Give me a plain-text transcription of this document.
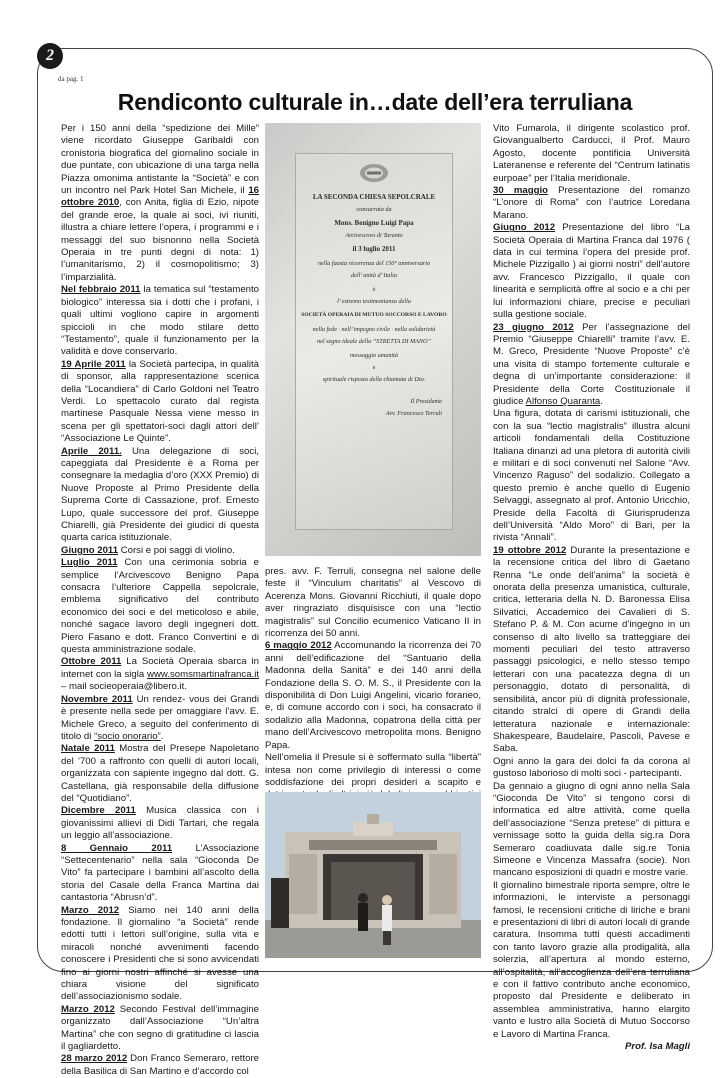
2
da pag. 1
Rendiconto culturale in…date dell’era terruliana

Per i 150 anni della “spedizione dei Mille” viene ricordato Giuseppe Garibaldi con cronistoria biografica del giornalino sociale in due puntate, con ubicazione di una targa nella Piazza omonima antistante la “Società” e con un incontro nel Park Hotel San Michele, il 16 ottobre 2010, con Anita, figlia di Ezio, nipote del grande eroe, la quale ai soci, ivi riuniti, illustra a chiare lettere l’opera, i programmi e i messaggi del suo bisnonno nella Società Operaia in tre punti degni di nota: 1) l’umanitarismo, 2) il cosmopolitismo; 3) l’imparzialità.

Nel febbraio 2011 la tematica sul “testamento biologico” interessa sia i dotti che i profani, i quali ultimi vogliono capire in argomenti spiccioli in che modo stilare detto “Testamento”, quale il funzionamento per la validità e dove conservarlo.

19 Aprile 2011 la Società partecipa, in qualità di sponsor, alla rappresentazione scenica della “Locandiera” di Carlo Goldoni nel Teatro Verdi. Lo spettacolo curato dal regista martinese Pasquale Nessa viene messo in scena per gli spettatori-soci dagli attori dell’ “Associazione Le Quinte”.

Aprile 2011. Una delegazione di soci, capeggiata dal Presidente è a Roma per consegnare la medaglia d’oro (XXX Premio) di Nuove Proposte al Primo Presidente della Suprema Corte di Cassazione, prof. Ernesto Lupo, quale successore del prof. Giuseppe Chiarelli, già Presidente dei giudici di questa quarta carica istituzionale.

Giugno 2011 Corsi e poi saggi di violino.

Luglio 2011 Con una cerimonia sobria e semplice l’Arcivescovo Benigno Papa consacra l’ulteriore Cappella sepolcrale, emblema significativo del contributo economico dei soci e del meticoloso e abile, nonché sagace lavoro degli ingegneri dott. Piero Fasano e dott. Franco Convertini e di questa amministrazione sodale.

Ottobre 2011 La Società Operaia sbarca in internet con la sigla www.somsmartinafranca.it – mail socieoperaia@libero.it.

Novembre 2011 Un rendez- vous dei Grandi è presente nella sede per omaggiare l’avv. E. Michele Greco, a seguito del conferimento di titolo di “socio onorario”.

Natale 2011 Mostra del Presepe Napoletano del ’700 a raffronto con quelli di autori locali, organizzata con sapiente ingegno dal dott. G. Castellana, già responsabile della diffusione del “Quotidiano”.

Dicembre 2011 Musica classica con i giovanissimi allievi di Didi Tartari, che regala un leggio all’associazione.

8 Gennaio 2011 L’Associazione “Settecentenario” nella sala “Gioconda De Vito” fa partecipare i bambini all’ascolto della storia del Casale della Franca Martina dai cantastoria “Abrusn’d”.

Marzo 2012 Siamo nei 140 anni della fondazione. Il giornalino “a Società” rende edotti tutti i lettori sull’origine, sulla vita e miracoli nonché avvenimenti facendo conoscere i Presidenti che si sono avvicendati fino ai giorni nostri affinché si avesse una chiara visione del significato dell’associazionismo sodale.

Marzo 2012 Secondo Festival dell’immagine organizzato dall’Associazione “Un’altra Martina” che con segno di gratitudine ci lascia il gagliardetto.

28 marzo 2012 Don Franco Semeraro, rettore della Basilica di San Martino e d’accordo col

LA SECONDA CHIESA SEPOLCRALE
consacrata da
Mons. Benigno Luigi Papa
Arcivescovo di Taranto
il 3 luglio 2011
nella fausta ricorrenza del 150° anniversario
dell’ unità d’ Italia
è
l’ estremo testimonianza della
SOCIETÀ OPERAIA DI MUTUO SOCCORSO E LAVORO
nella fede · nell’ impegno civile · nella solidarietà
nel segno ideale della “STRETTA DI MANO”
messaggio umanità
e
spirituale risposta della chiamata di Dio.
Il Presidente
Avv. Francesco Terruli

pres. avv. F. Terruli, consegna nel salone delle feste il “Vinculum charitatis” al Vescovo di Acerenza Mons. Giovanni Ricchiuti, il quale dopo aver ringraziato disquisisce con una “lectio magistralis” sul Concilio ecumenico Vaticano II in ricorrenza dei 50 anni.

6 maggio 2012 Accomunando la ricorrenza dei 70 anni dell’edificazione del “Santuario della Madonna della Sanità” e dei 140 anni della Fondazione della S. O. M. S., il Presidente con la disponibilità di Don Luigi Angelini, vicario foraneo, e, di comune accordo con i soci, ha consacrato il sodalizio alla Madonna, copatrona della città per mano dell’Arcivescovo metropolita mons. Benigno Papa.

Nell’omelia il Presule si è soffermato sulla “libertà” intesa non come privilegio di interessi o come soddisfazione dei propri desideri a scapito e

Vito Fumarola, il dirigente scolastico prof. Giovangualberto Carducci, il Prof. Mauro Agosto, docente pontificia Università Lateranense e referente del “Centrum latinatis eurpoae” per l’Italia meridionale.

30 maggio Presentazione del romanzo “L’onore di Roma” con l’autrice Loredana Marano.

Giugno 2012 Presentazione del libro “La Società Operaia di Martina Franca dal 1976 ( data in cui termina l’opera del preside prof. Michele Pizzigallo ) ai giorni nostri” dell’autore avv. Francesco Pizzigallo, il quale con linearità e semplicità offre al socio e a chi per lui informazioni chiare, precise e peculiari sulla gestione sociale.

23 giugno 2012 Per l’assegnazione del Premio “Giuseppe Chiarelli” tramite l’avv. E. M. Greco, Presidente “Nuove Proposte” c’è una visita di stampo fortemente culturale e degna di un’importante considerazione: il Presidente della Corte Costituzionale il giudice Alfonso Quaranta.

Una figura, dotata di carismi istituzionali, che con la sua “lectio magistralis” illustra alcuni articoli fondamentali della Costituzione Italiana dinanzi ad una pletora di autorità civili e militari e di soci convenuti nel Salone “Avv. Vincenzo Raguso” del sodalizio. Collegato a questo premio è anche quello di Eugenio Selvaggi, assegnato al prof. Antonio Uricchio, Preside della Facoltà di Giurisprudenza dell’Università “Aldo Moro” di Bari, per la rivista “Annali”.

19 ottobre 2012 Durante la presentazione e la recensione critica del libro di Gaetano Renna “Le onde dell’anima” la società è onorata della presenza umanistica, culturale, critica, letteraria della N. D. Baronessa Elisa Silvatici, Accademico dei Cavalieri di S. Stefano P. & M. Con acume d’ingegno in un consenso di alto livello sa tratteggiare dei momenti peculiari del testo attraverso passaggi psicologici, e nello stesso tempo letterari con una pacatezza degna di un personaggio, dotato di personalità, di sensibilità, ancor più di dignità professionale, citando stralci di opere di Grandi della letteratura nazionale e internazionale: Shakespeare, Baudelaire, Pascoli, Pavese e Saba.

Ogni anno la gara dei dolci fa da corona al gustoso laborioso di molti soci - partecipanti.

Da gennaio a giugno di ogni anno nella Sala “Gioconda De Vito” si tengono corsi di informatica ed altre attività, come quella dell’associazione “Senza pretese” di pittura e vernissage sotto la guida della sig.ra Dora Semeraro coadiuvata dalle sig.re Tonia Simeone e Vincenza Massafra (socie). Non mancano esposizioni di quadri e mostre varie.

Il giornalino bimestrale riporta sempre, oltre le informazioni, le interviste a personaggi famosi, le recensioni critiche di liriche e brani e presentazioni di libri di autori locali di grande caratura. Insomma tutti questi accadimenti con tanto lavoro grazie alla prodigalità, alla solerzia, all’apertura al mondo esterno, all’ospitalità, all’accoglienza dell’era terruliana e con il fattivo contributo anche economico, proposto dal Presidente e deliberato in assemblea amministrativa, hanno elargito vanto e lustro alla Società di Mutuo Soccorso e Lavoro di Martina Franca.

Prof. Isa Magli
